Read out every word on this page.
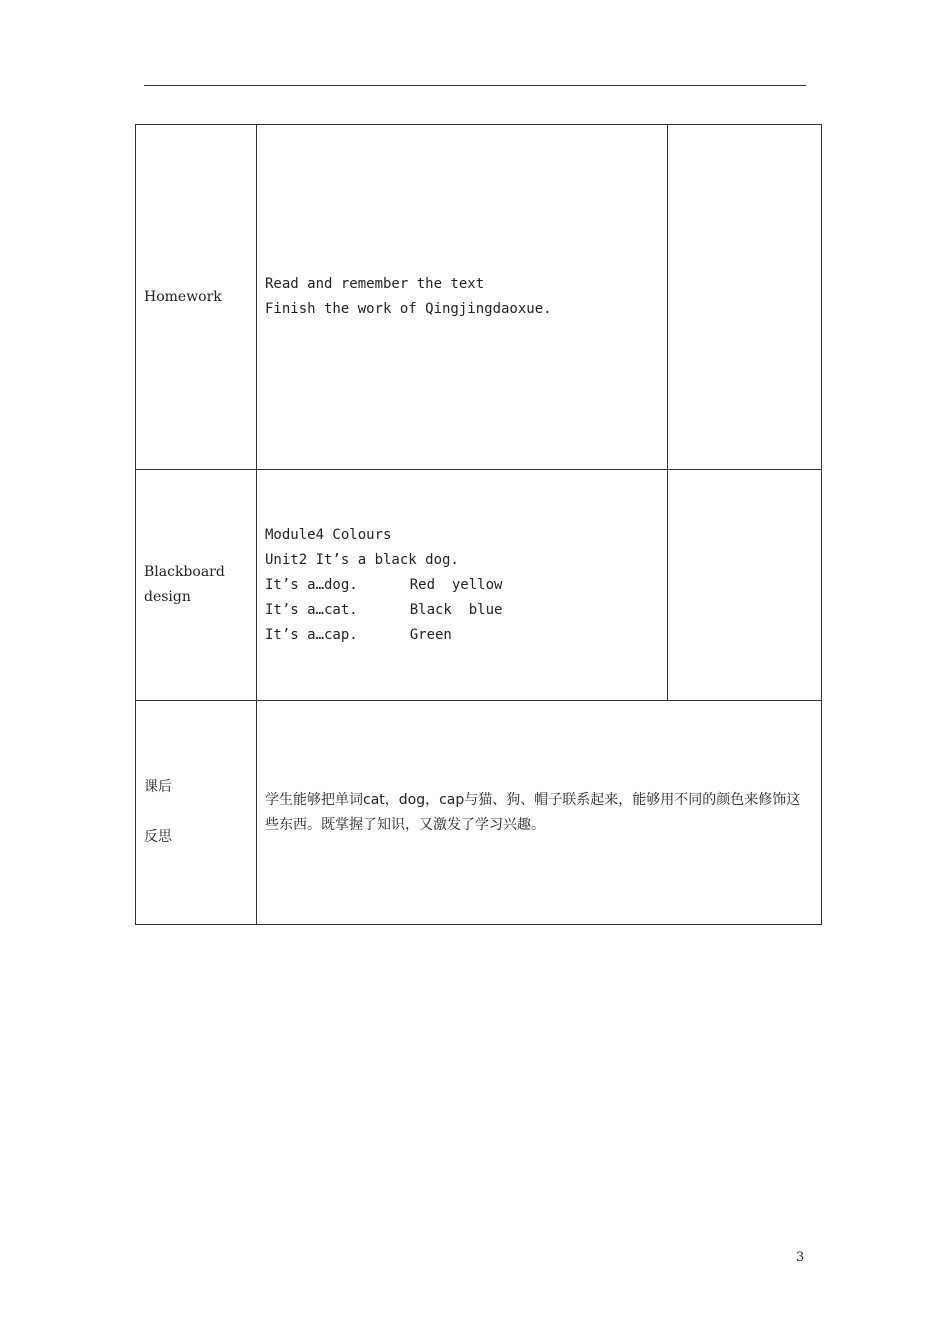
Homework	Read and remember the text
Finish the work of Qingjingdaoxue.	

Blackboard
design	Module4 Colours
Unit2 It’s a black dog.
It’s a…dog. Red  yellow
It’s a…cat. Black  blue
It’s a…cap. Green	

课后
反思	学生能够把单词cat，dog，cap与猫、狗、帽子联系起来，能够用不同的颜色来修饰这些东西。既掌握了知识，又激发了学习兴趣。	
3
